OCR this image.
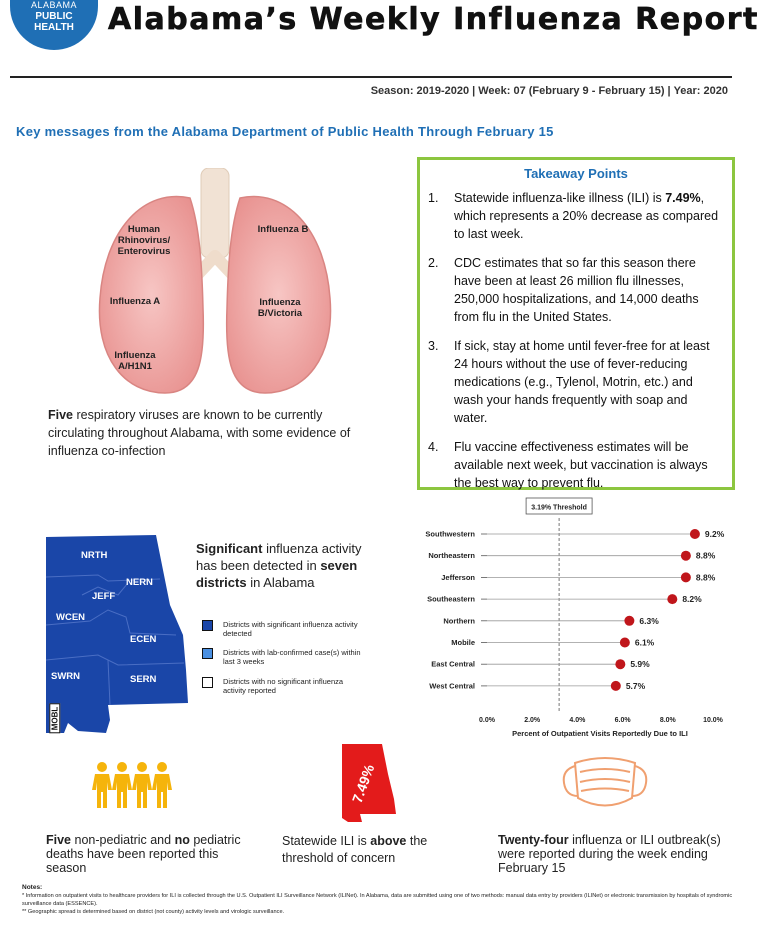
ALABAMA
PUBLIC
HEALTH	Alabama’s Weekly Influenza Report
Season: 2019-2020 | Week: 07 (February 9 - February 15) | Year: 2020
Key messages from the Alabama Department of Public Health Through February 15
Human Rhinovirus/ Enterovirus
Influenza B
Influenza A	Influenza B/Victoria
Influenza A/H1N1
Five respiratory viruses are known to be currently circulating throughout Alabama, with some evidence of influenza co-infection
Takeaway Points
1.	Statewide influenza-like illness (ILI) is 7.49%, which represents a 20% decrease as compared to last week.
2.	CDC estimates that so far this season there have been at least 26 million flu illnesses, 250,000 hospitalizations, and 14,000 deaths from flu in the United States.
3.	If sick, stay at home until fever-free for at least 24 hours without the use of fever-reducing medications (e.g., Tylenol, Motrin, etc.) and wash your hands frequently with soap and water.
4.	Flu vaccine effectiveness estimates will be available next week, but vaccination is always the best way to prevent flu.
NRTH
NERN
JEFF
WCEN
ECEN
SWRN	SERN
MOBL
Significant influenza activity has been detected in seven districts in Alabama
Districts with significant influenza activity detected
Districts with lab-confirmed case(s) within last 3 weeks
Districts with no significant influenza activity reported
3.19% Threshold
Southwestern	9.2%
Northeastern	8.8%
Jefferson	8.8%
Southeastern	8.2%
Northern	6.3%
Mobile	6.1%
East Central	5.9%
West Central	5.7%
0.0%	2.0%	4.0%	6.0%	8.0%	10.0%
Percent of Outpatient Visits Reportedly Due to ILI
Five non-pediatric and no pediatric deaths have been reported this season
7.49%
Statewide ILI is above the threshold of concern
Twenty-four influenza or ILI outbreak(s) were reported during the week ending February 15
Notes:
* Information on outpatient visits to healthcare providers for ILI is collected through the U.S. Outpatient ILI Surveillance Network (ILINet). In Alabama, data are submitted using one of two methods: manual data entry by providers (ILINet) or electronic transmission by hospitals of syndromic surveillance data (ESSENCE).
** Geographic spread is determined based on district (not county) activity levels and virologic surveillance.
